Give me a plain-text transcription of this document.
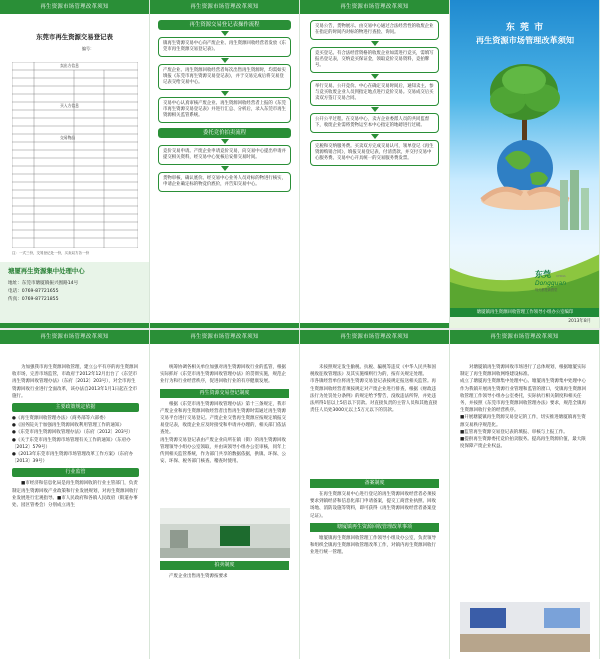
再生资源市场管理改革须知
东莞市再生资源交易登记表
编号：
卖出方信息
买入方信息
交易物品
注：一式三份，交易登记处一份，买卖双方各一份
塘厦再生资源集中处理中心
地址：东莞市塘厦镇振兴围路14号
电话：0769-87721655
传真：0769-87721855
再生资源市场管理改革须知
再生资源交易登记表操作流程
镇再生资源交易中心向产废企业、再生资源回收经营者发放《东莞市再生资源交易登记表》。
产废企业、再生资源回收经营者每次出售再生资源时，均需如实填报《东莞市再生资源交易登记表》，并于交易完成后将交易登记表交给交易中心。
交易中心认真审核产废企业、再生资源回收经营者上报的《东莞市再生资源交易登记表》并进行汇总、分析后，录入东莞市再生资源相关监管系统。
委托竞价拍卖流程
竞价交易申请。产废企业申请竞价交易，向交易中心提出申请并提交相关资料，经交易中心复核后安排交易时间。
货物审核，确认底价。经交易中心业务人员对标的物进行核实，申请企业确定标的物竞价底价，并告知交易中心。
再生资源市场管理改革须知
交易公告，货物展示。由交易中心通过合法经营性的收废企业在指定的时间内对标的物进行查验、询问。
竞买登记。有合法经营资格的收废企业如需进行竞买，需填写报名登记表，交纳竞买保证金，领取竞价交易资料，竞拍牌号。
举行交易。公开竞价。中心在确定交易时间后，通知卖主、参与竞买收废企业人员到指定地点进行竞价交易。交易成交后买卖双方签订交易合同。
公开公平过程。在交易中心，卖方企业委派人员的共同监督下，收废企业需将货物运至本中心指定的地磅进行过磅。
完税和交纳服务费。买卖双方完成交易认可，领单登记《再生资源购销合同》，填报交易登记表，付清货款，并交付交易中心服务费。交易中心开具统一的交易服务费发票。
东 莞 市
再生资源市场管理改革须知
东莞 CHINA
Dongguan
每天都是新感觉
塘厦镇再生资源回收管理工作领导小组办公室编印
2013年8月
再生资源市场管理改革须知

为加强我市再生资源回收管理，建立公平有序的再生资源回收市场，完善市场监管，市政府于2012年12月出台了《东莞市再生资源回收管理办法》（东府〔2012〕203号），对全市再生资源回收行业进行全面改革，该办法自2013年1月1日起在全市施行。

主要政策规定依据

●《再生资源回收管理办法》（商务部等六部委）

●《国务院关于加强再生资源回收利用管理工作的通知》

●《东莞市再生资源回收管理办法》（东府〔2012〕203号）

●《关于东莞市再生资源市场管理有关工作的通知》（东府办〔2012〕579号）

●《2013年东莞市再生资源市场管理改革工作方案》（东府办〔2013〕39号）

行业监管

■市经济和信息化局是再生资源回收的行业主管部门，负责制定再生资源回收产业政策和行业发展规划，对再生资源回收行业发展进行宏观指导。■市人民政府和各镇人民政府（街道办事处、园区管委会）分别成立再生

再生资源市场管理改革须知

统筹协调各相关单位加强对再生资源回收行业的监管，根据实际抓好《东莞市再生资源回收管理办法》的贯彻实施，规范企业行为和行业经营秩序，促进回收行业的有序健康发展。

再生资源交易登记制度

根据《东莞市再生资源回收管理办法》第十三条规定，我市产废企业和再生资源回收经营者出售再生资源时需通过再生资源交易平台进行交易登记。产废企业交售再生资源应按规定填报交易登记表，收废企业应及时接受和申请并办理的，相关部门依法查处。
再生资源交易登记表由产废企业向所在镇（街）的再生资源回收管理领导小组办公室领取，并由该领导小组办公室审核，同年上传到相关监管系统，作为部门共享的数据依据，供镇、环保、公安、环保、税务部门核查、稽查时使用。

拍卖制度

产废企业出售再生资源按要求

再生资源市场管理改革须知

未按照规定发生偷税、抗税、骗税等违反《中华人民共和国税收征收管理法》及其实施细则行为的，按有关规定处理。
市各镇经营单位将再生资源交易登记表按规定报送相关监管。再生资源回收经营者须按规定对产废企业进行排查，根据《财政违法行为处罚处分条例》的规定给予警告，没收违法所得，并处违法所得1倍以上5倍以下罚款。对直接负责的主管人员和其他直接责任人员处3000元以上5万元以下的罚款。

备案制度

在再生资源交易中心进行登记的再生资源回收经营者必须按要求到镇经济和信息化部门申请备案，提交工商营业执照、回收场地、消防设施等资料，即可获得《再生资源回收经营者备案登记证》。

塘厦镇再生资源回收管理改革事项

塘厦镇再生资源回收管理工作领导小组及办公室，负责领导和组织全镇再生资源回收管理改革工作，对镇内再生资源回收行业进行统一管理。

再生资源市场管理改革须知

对塘厦镇再生资源回收市场进行了总体规划，根据塘厦实际制定了再生资源回收网络建设标准。
成立了塘厦再生资源集中处理中心。塘厦再生资源集中处理中心作为我镇开展再生资源行业管理和监管的窗口，受镇再生资源回收管理工作领导小组办公室委托，实际执行相关制度和相关任务，并按照《东莞市再生资源回收管理办法》要求，规范全镇再生资源回收行业的经营秩序。
■开展塘厦镇再生资源交易登记的工作，切实推进塘厦镇再生资源交易秩序规范化。
■监管再生资源交易登记表的填报、审核与上报工作。
■提供再生资源委托竞价拍卖服务。提高再生资源价值，最大限度保障产废企业权益。
